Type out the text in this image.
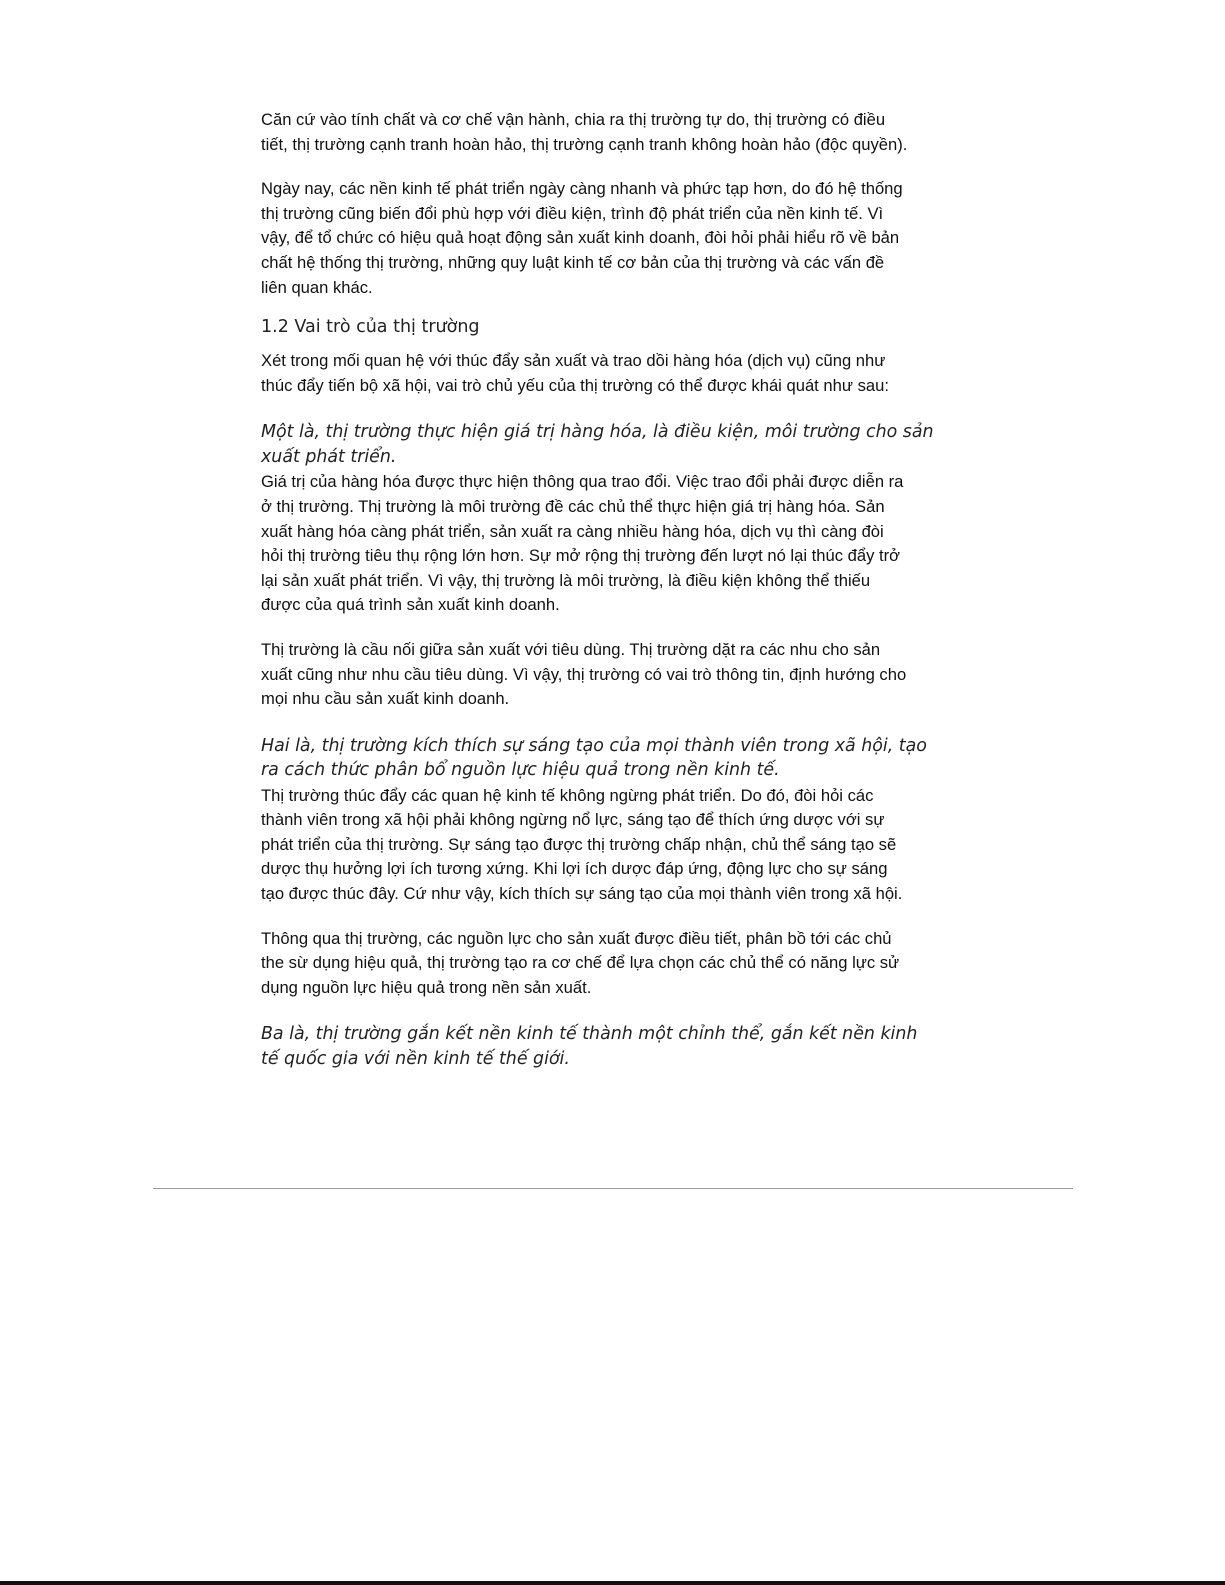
Căn cứ vào tính chất và cơ chế vận hành, chia ra thị trường tự do, thị trường có điều
tiết, thị trường cạnh tranh hoàn hảo, thị trường cạnh tranh không hoàn hảo (độc quyền).

Ngày nay, các nền kinh tế phát triển ngày càng nhanh và phức tạp hơn, do đó hệ thống
thị trường cũng biến đổi phù hợp với điều kiện, trình độ phát triển của nền kinh tế. Vì
vậy, để tổ chức có hiệu quả hoạt động sản xuất kinh doanh, đòi hỏi phải hiểu rõ về bản
chất hệ thống thị trường, những quy luật kinh tế cơ bản của thị trường và các vấn đề
liên quan khác.

1.2 Vai trò của thị trường

Xét trong mối quan hệ với thúc đẩy sản xuất và trao dồi hàng hóa (dịch vụ) cũng như
thúc đẩy tiến bộ xã hội, vai trò chủ yếu của thị trường có thể được khái quát như sau:

Một là, thị trường thực hiện giá trị hàng hóa, là điều kiện, môi trường cho sản
xuất phát triển.

Giá trị của hàng hóa được thực hiện thông qua trao đổi. Việc trao đổi phải được diễn ra
ở thị trường. Thị trường là môi trường đề các chủ thể thực hiện giá trị hàng hóa. Sản
xuất hàng hóa càng phát triển, sản xuất ra càng nhiều hàng hóa, dịch vụ thì càng đòi
hỏi thị trường tiêu thụ rộng lớn hơn. Sự mở rộng thị trường đến lượt nó lại thúc đẩy trở
lại sản xuất phát triển. Vì vậy, thị trường là môi trường, là điều kiện không thể thiếu
được của quá trình sản xuất kinh doanh.

Thị trường là cầu nối giữa sản xuất với tiêu dùng. Thị trường dặt ra các nhu cho sản
xuất cũng như nhu cầu tiêu dùng. Vì vậy, thị trường có vai trò thông tin, định hướng cho
mọi nhu cầu sản xuất kinh doanh.

Hai là, thị trường kích thích sự sáng tạo của mọi thành viên trong xã hội, tạo
ra cách thức phân bổ nguồn lực hiệu quả trong nền kinh tế.

Thị trường thúc đẩy các quan hệ kinh tế không ngừng phát triển. Do đó, đòi hỏi các
thành viên trong xã hội phải không ngừng nổ lực, sáng tạo để thích ứng dược với sự
phát triển của thị trường. Sự sáng tạo được thị trường chấp nhận, chủ thể sáng tạo sẽ
dược thụ hưởng lợi ích tương xứng. Khi lợi ích dược đáp ứng, động lực cho sự sáng
tạo được thúc đây. Cứ như vậy, kích thích sự sáng tạo của mọi thành viên trong xã hội.

Thông qua thị trường, các nguồn lực cho sản xuất được điều tiết, phân bồ tới các chủ
the sừ dụng hiệu quả, thị trường tạo ra cơ chế để lựa chọn các chủ thể có năng lực sử
dụng nguồn lực hiệu quả trong nền sản xuất.

Ba là, thị trường gắn kết nền kinh tế thành một chỉnh thể, gắn kết nền kinh
tế quốc gia với nền kinh tế thế giới.
